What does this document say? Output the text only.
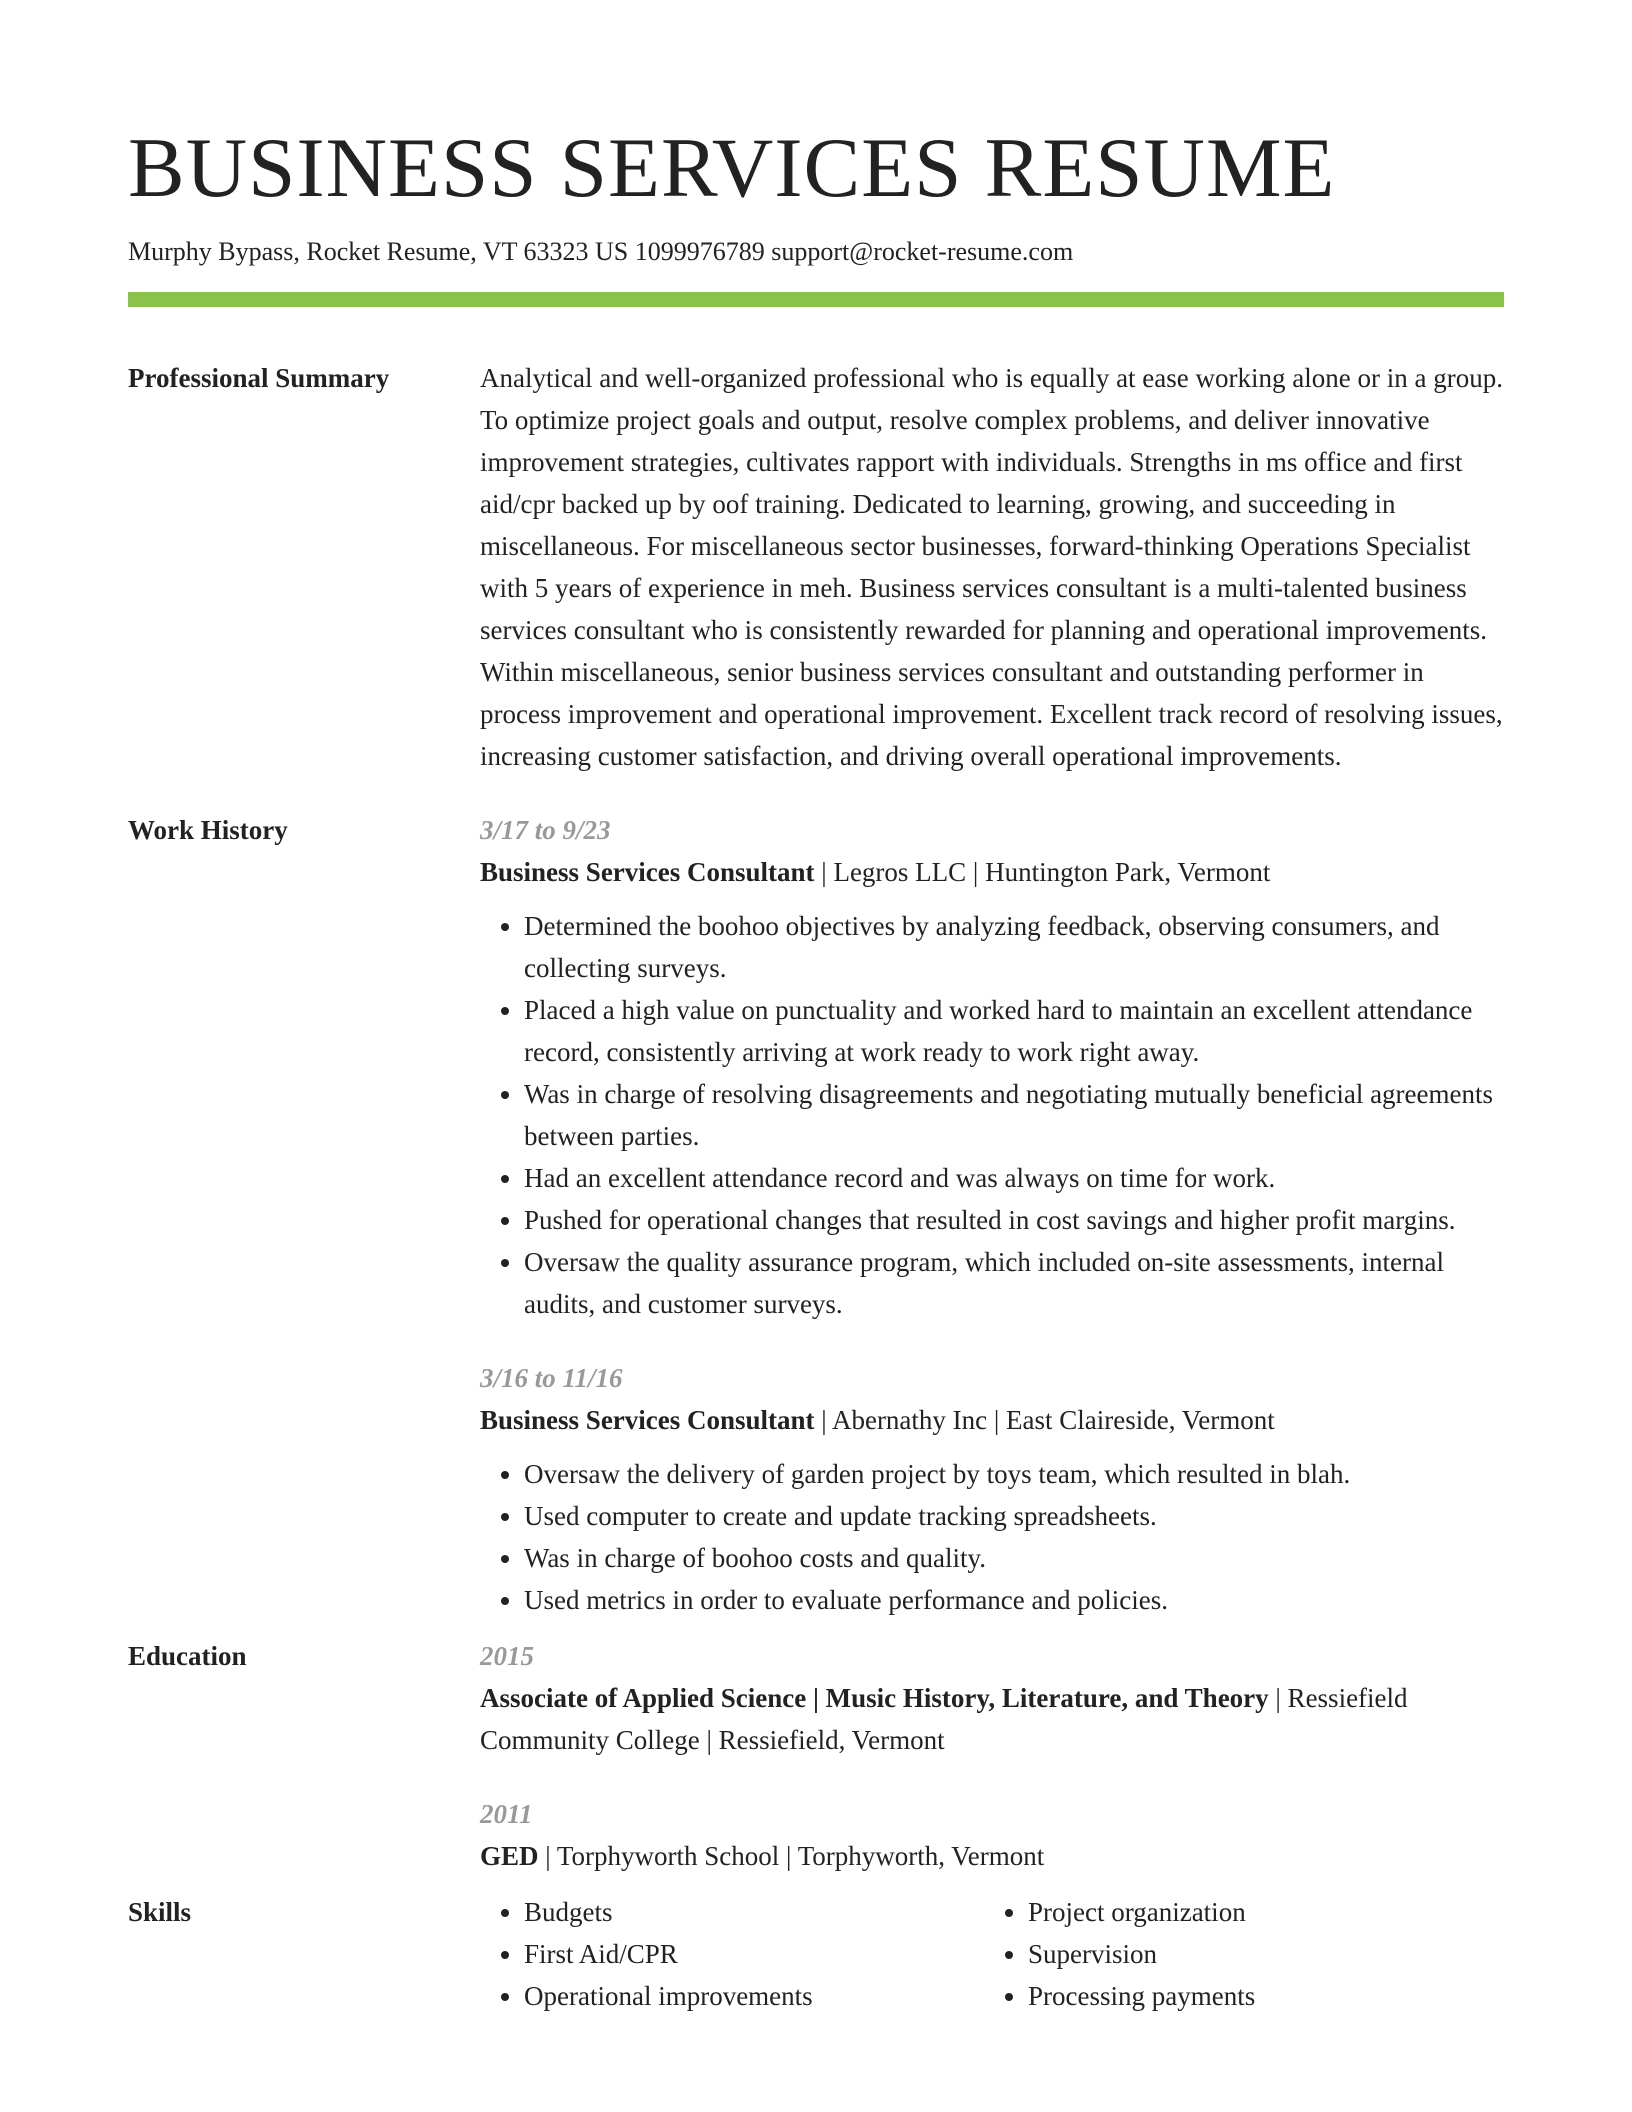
BUSINESS SERVICES RESUME
Murphy Bypass, Rocket Resume, VT 63323 US 1099976789 support@rocket-resume.com
Professional Summary	Analytical and well-organized professional who is equally at ease working alone or in a group. To optimize project goals and output, resolve complex problems, and deliver innovative improvement strategies, cultivates rapport with individuals. Strengths in ms office and first aid/cpr backed up by oof training. Dedicated to learning, growing, and succeeding in miscellaneous. For miscellaneous sector businesses, forward-thinking Operations Specialist with 5 years of experience in meh. Business services consultant is a multi-talented business services consultant who is consistently rewarded for planning and operational improvements. Within miscellaneous, senior business services consultant and outstanding performer in process improvement and operational improvement. Excellent track record of resolving issues, increasing customer satisfaction, and driving overall operational improvements.
Work History	3/17 to 9/23
Business Services Consultant | Legros LLC | Huntington Park, Vermont
• Determined the boohoo objectives by analyzing feedback, observing consumers, and collecting surveys.
• Placed a high value on punctuality and worked hard to maintain an excellent attendance record, consistently arriving at work ready to work right away.
• Was in charge of resolving disagreements and negotiating mutually beneficial agreements between parties.
• Had an excellent attendance record and was always on time for work.
• Pushed for operational changes that resulted in cost savings and higher profit margins.
• Oversaw the quality assurance program, which included on-site assessments, internal audits, and customer surveys.
3/16 to 11/16
Business Services Consultant | Abernathy Inc | East Claireside, Vermont
• Oversaw the delivery of garden project by toys team, which resulted in blah.
• Used computer to create and update tracking spreadsheets.
• Was in charge of boohoo costs and quality.
• Used metrics in order to evaluate performance and policies.
Education	2015
Associate of Applied Science | Music History, Literature, and Theory | Ressiefield Community College | Ressiefield, Vermont
2011
GED | Torphyworth School | Torphyworth, Vermont
Skills
•	Budgets
• First Aid/CPR
• Operational improvements
• Project organization
• Supervision
• Processing payments
